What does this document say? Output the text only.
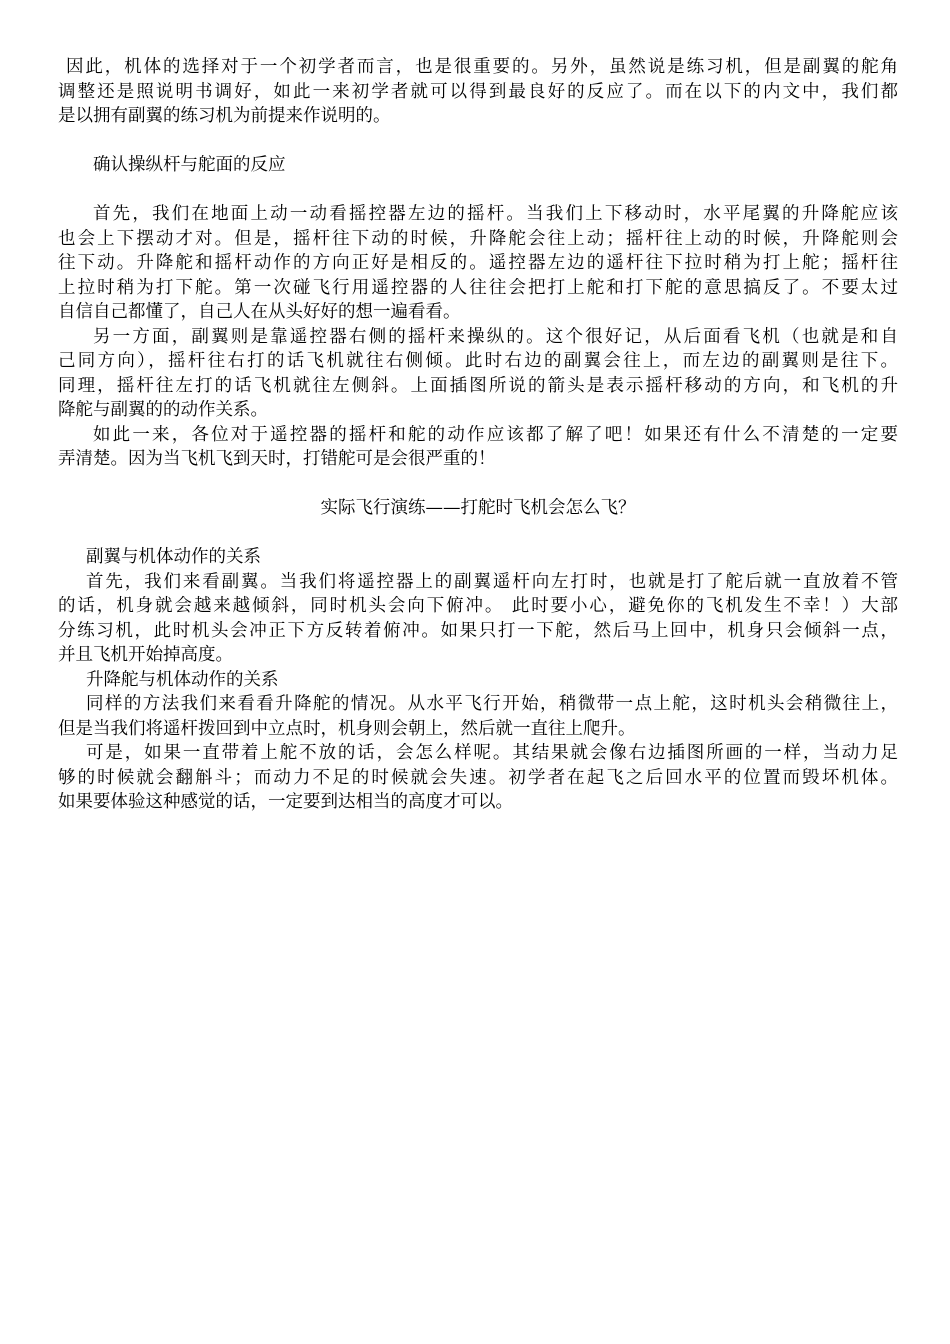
因此，机体的选择对于一个初学者而言，也是很重要的。另外，虽然说是练习机，但是副翼的舵角
调整还是照说明书调好，如此一来初学者就可以得到最良好的反应了。而在以下的内文中，我们都
是以拥有副翼的练习机为前提来作说明的。
确认操纵杆与舵面的反应
首先，我们在地面上动一动看摇控器左边的摇杆。当我们上下移动时，水平尾翼的升降舵应该
也会上下摆动才对。但是，摇杆往下动的时候，升降舵会往上动；摇杆往上动的时候，升降舵则会
往下动。升降舵和摇杆动作的方向正好是相反的。遥控器左边的遥杆往下拉时稍为打上舵；摇杆往
上拉时稍为打下舵。第一次碰飞行用遥控器的人往往会把打上舵和打下舵的意思搞反了。不要太过
自信自己都懂了，自己人在从头好好的想一遍看看。
另一方面，副翼则是靠遥控器右侧的摇杆来操纵的。这个很好记，从后面看飞机（也就是和自
己同方向），摇杆往右打的话飞机就往右侧倾。此时右边的副翼会往上，而左边的副翼则是往下。
同理，摇杆往左打的话飞机就往左侧斜。上面插图所说的箭头是表示摇杆移动的方向，和飞机的升
降舵与副翼的的动作关系。
如此一来，各位对于遥控器的摇杆和舵的动作应该都了解了吧！如果还有什么不清楚的一定要
弄清楚。因为当飞机飞到天时，打错舵可是会很严重的！
实际飞行演练——打舵时飞机会怎么飞？
副翼与机体动作的关系
首先，我们来看副翼。当我们将遥控器上的副翼遥杆向左打时，也就是打了舵后就一直放着不管
的话，机身就会越来越倾斜，同时机头会向下俯冲。 此时要小心，避免你的飞机发生不幸！）大部
分练习机，此时机头会冲正下方反转着俯冲。如果只打一下舵，然后马上回中，机身只会倾斜一点，
并且飞机开始掉高度。
升降舵与机体动作的关系
同样的方法我们来看看升降舵的情况。从水平飞行开始，稍微带一点上舵，这时机头会稍微往上，
但是当我们将遥杆拨回到中立点时，机身则会朝上，然后就一直往上爬升。
可是，如果一直带着上舵不放的话，会怎么样呢。其结果就会像右边插图所画的一样，当动力足
够的时候就会翻斛斗；而动力不足的时候就会失速。初学者在起飞之后回水平的位置而毁坏机体。
如果要体验这种感觉的话，一定要到达相当的高度才可以。
